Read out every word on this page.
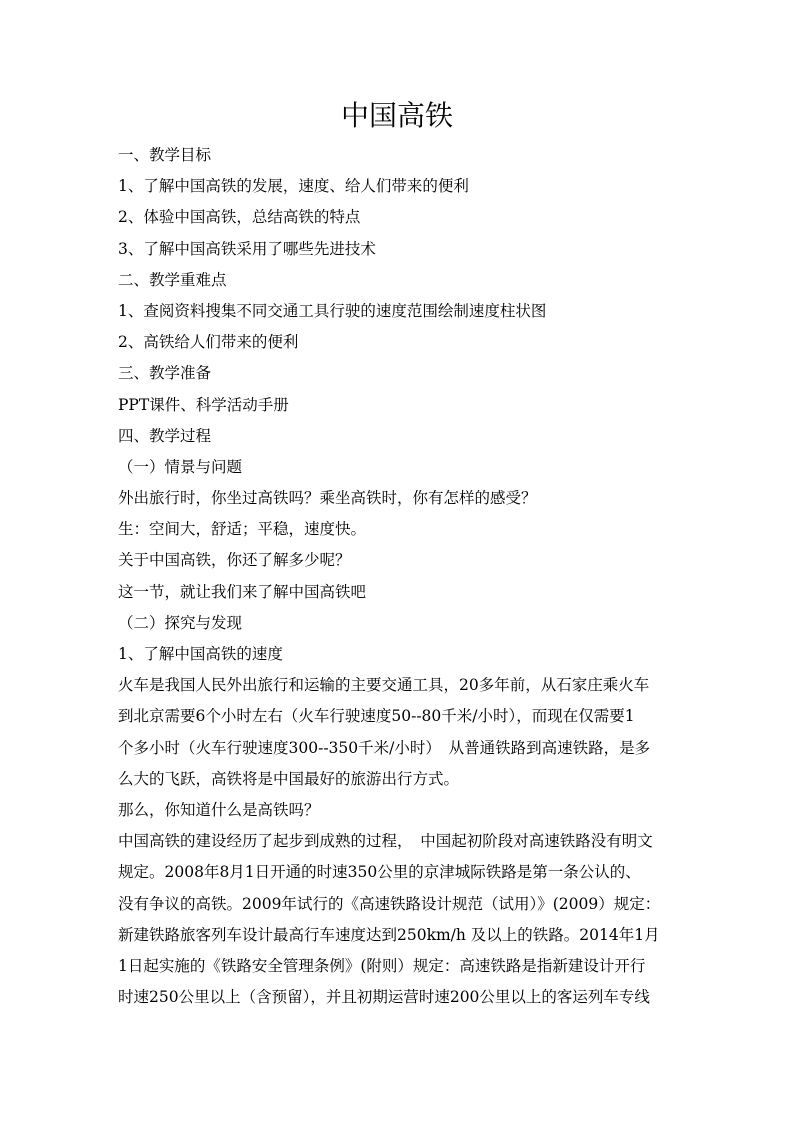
中国高铁
一、教学目标
1、了解中国高铁的发展，速度、给人们带来的便利
2、体验中国高铁，总结高铁的特点
3、了解中国高铁采用了哪些先进技术
二、教学重难点
1、查阅资料搜集不同交通工具行驶的速度范围绘制速度柱状图
2、高铁给人们带来的便利
三、教学准备
PPT课件、科学活动手册
四、教学过程
（一）情景与问题
外出旅行时，你坐过高铁吗？乘坐高铁时，你有怎样的感受？
生：空间大，舒适；平稳，速度快。
关于中国高铁，你还了解多少呢？
这一节，就让我们来了解中国高铁吧
（二）探究与发现
1、了解中国高铁的速度
火车是我国人民外出旅行和运输的主要交通工具，20多年前，从石家庄乘火车
到北京需要6个小时左右（火车行驶速度50--80千米/小时），而现在仅需要1
个多小时（火车行驶速度300--350千米/小时）　从普通铁路到高速铁路，是多
么大的飞跃，高铁将是中国最好的旅游出行方式。
那么，你知道什么是高铁吗？
中国高铁的建设经历了起步到成熟的过程，　中国起初阶段对高速铁路没有明文
规定。2008年8月1日开通的时速350公里的京津城际铁路是第一条公认的、
没有争议的高铁。2009年试行的《高速铁路设计规范（试用）》(2009）规定：
新建铁路旅客列车设计最高行车速度达到250km/h 及以上的铁路。2014年1月
1日起实施的《铁路安全管理条例》(附则）规定：高速铁路是指新建设计开行
时速250公里以上（含预留），并且初期运营时速200公里以上的客运列车专线
